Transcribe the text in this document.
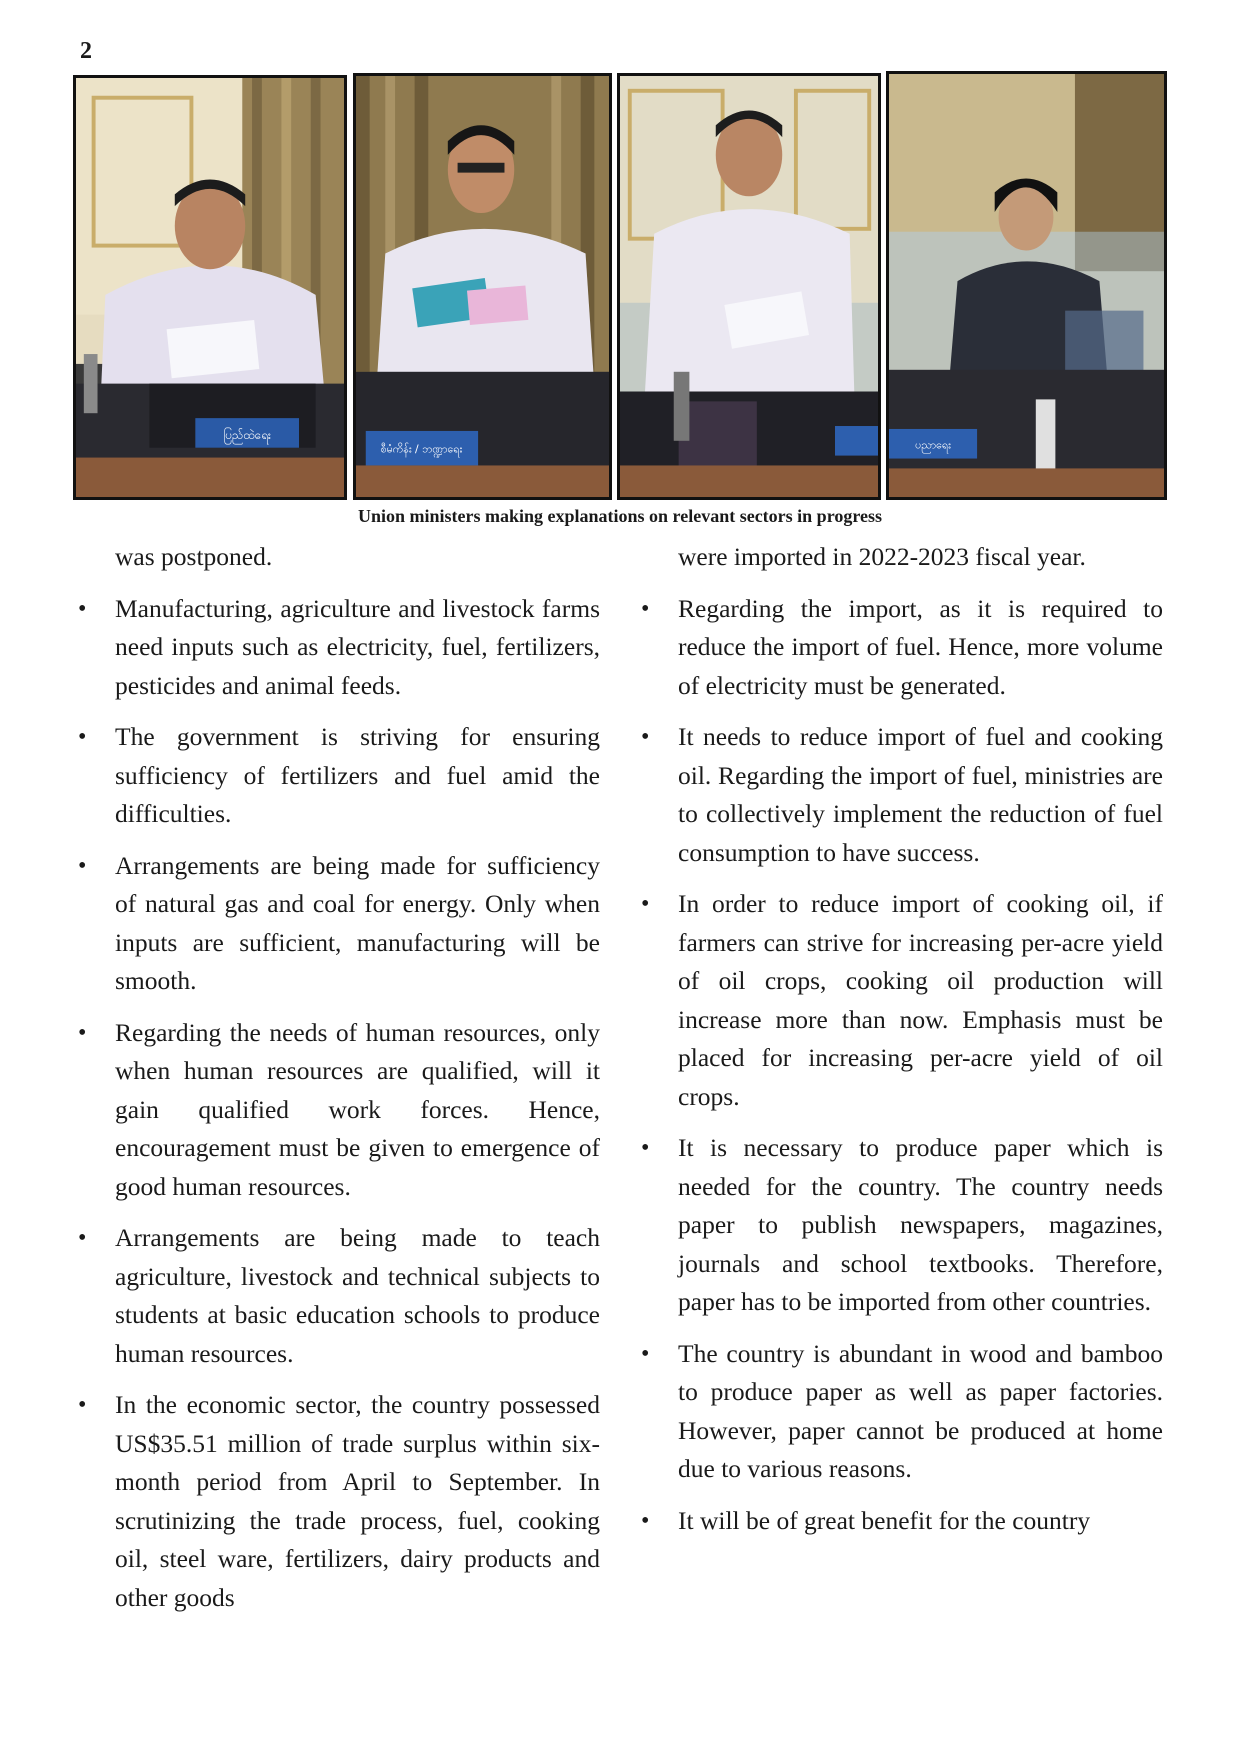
2
ပြည်ထဲရေး
စီမံကိန်း / ဘဏ္ဍာရေး	ပညာရေး
Union ministers making explanations on relevant sectors in progress

was postponed.

• Manufacturing, agriculture and livestock farms need inputs such as electricity, fuel, fertilizers, pesticides and animal feeds.
• The government is striving for ensuring sufficiency of fertilizers and fuel amid the difficulties.
• Arrangements are being made for sufficiency of natural gas and coal for energy. Only when inputs are sufficient, manufacturing will be smooth.
• Regarding the needs of human resources, only when human resources are qualified, will it gain qualified work forces. Hence, encouragement must be given to emergence of good human resources.
• Arrangements are being made to teach agriculture, livestock and technical subjects to students at basic education schools to produce human resources.
• In the economic sector, the country possessed US$35.51 million of trade surplus within six-month period from April to September. In scrutinizing the trade process, fuel, cooking oil, steel ware, fertilizers, dairy products and other goods

were imported in 2022-2023 fiscal year.

• Regarding the import, as it is required to reduce the import of fuel. Hence, more volume of electricity must be generated.
• It needs to reduce import of fuel and cooking oil. Regarding the import of fuel, ministries are to collectively implement the reduction of fuel consumption to have success.
• In order to reduce import of cooking oil, if farmers can strive for increasing per-acre yield of oil crops, cooking oil production will increase more than now. Emphasis must be placed for increasing per-acre yield of oil crops.
• It is necessary to produce paper which is needed for the country. The country needs paper to publish newspapers, magazines, journals and school textbooks. Therefore, paper has to be imported from other countries.
• The country is abundant in wood and bamboo to produce paper as well as paper factories. However, paper cannot be produced at home due to various reasons.
• It will be of great benefit for the country
